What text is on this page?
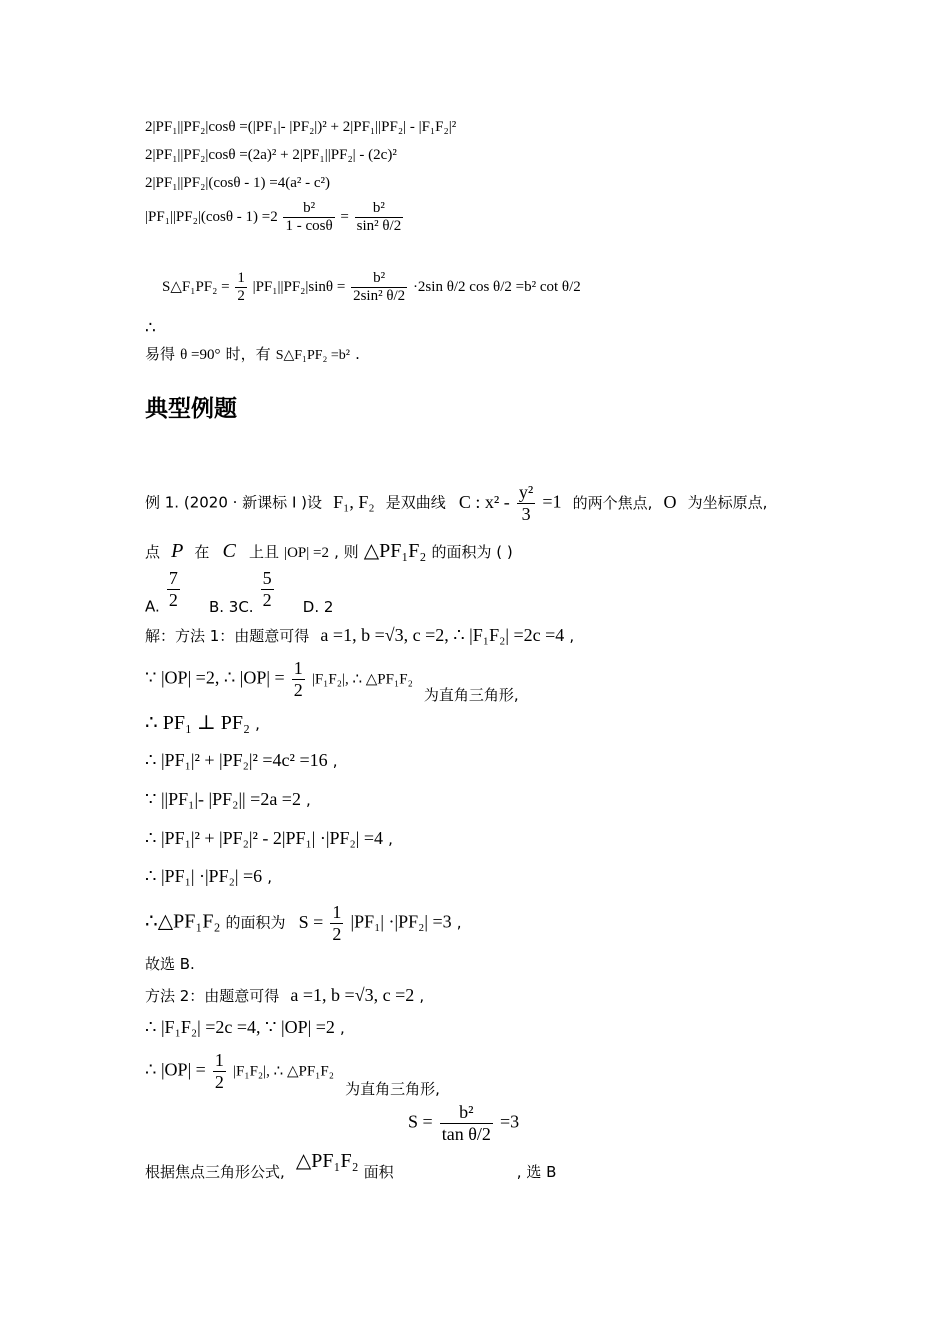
2|PF₁||PF₂|cosθ =(|PF₁|- |PF₂|)² + 2|PF₁||PF₂| - |F₁F₂|²
2|PF₁||PF₂|cosθ =(2a)² + 2|PF₁||PF₂| - (2c)²
2|PF₁||PF₂|(cosθ - 1) =4(a² - c²)
$|PF_1||PF_2|(\cos\theta - 1) =2 \frac{\text{b²}}{1 - \cos\theta} = \frac{\text{b²}}{\text{sin² θ/2}}$
S△F₁PF₂ = $\frac{1}{2} |PF_1||PF_2|\sin\theta = \frac{\text{b²}}{\text{2sin² θ/2}} \cdot 2\sin$ θ/2 cos θ/2 =b² cot θ/2
∴
易得 θ =90° 时，有 S△F₁PF₂ =b² .
典型例题
例 1. (2020 · 新课标 I )设 F₁, F₂ 是双曲线 C : $x^2 - \frac{\text{y²}}{3} =1$ 的两个焦点, O 为坐标原点,
点 P 在 C 上且 |OP| =2 , 则 △PF₁F₂ 的面积为 ( )
A. $\frac{7}{2} B$. 3C. $\frac{5}{2} D$. 2
解：方法 1：由题意可得 a =1, b =√3, c =2, ∴ |F₁F₂| =2c =4 ,
∵ |OP| =2, ∴ $|OP| = \frac{1}{2} |F_1F_2|$, ∴ △PF₁F₂ 为直角三角形,
∴ PF₁ ⊥ PF₂ ,
∴ |PF₁|² + |PF₂|² =4c² =16 ,
∵ ||PF₁|- |PF₂|| =2a =2 ,
∴ |PF₁|² + |PF₂|² - 2|PF₁| ·|PF₂| =4 ,
∴ |PF₁| ·|PF₂| =6 ,
∴△PF₁F₂ 的面积为 $S = \frac{1}{2} |PF_1| \cdot|PF_2| =3$ ,
故选 B.
方法 2：由题意可得 a =1, b =√3, c =2 ,
∴ |F₁F₂| =2c =4, ∵ |OP| =2 ,
∴ $|OP| = \frac{1}{2} |F_1F_2|$, ∴ △PF₁F₂ 为直角三角形,
$S = \frac{\text{b²}}{\text{tan θ/2}} =3$
根据焦点三角形公式, △PF₁F₂ 面积	, 选 B
